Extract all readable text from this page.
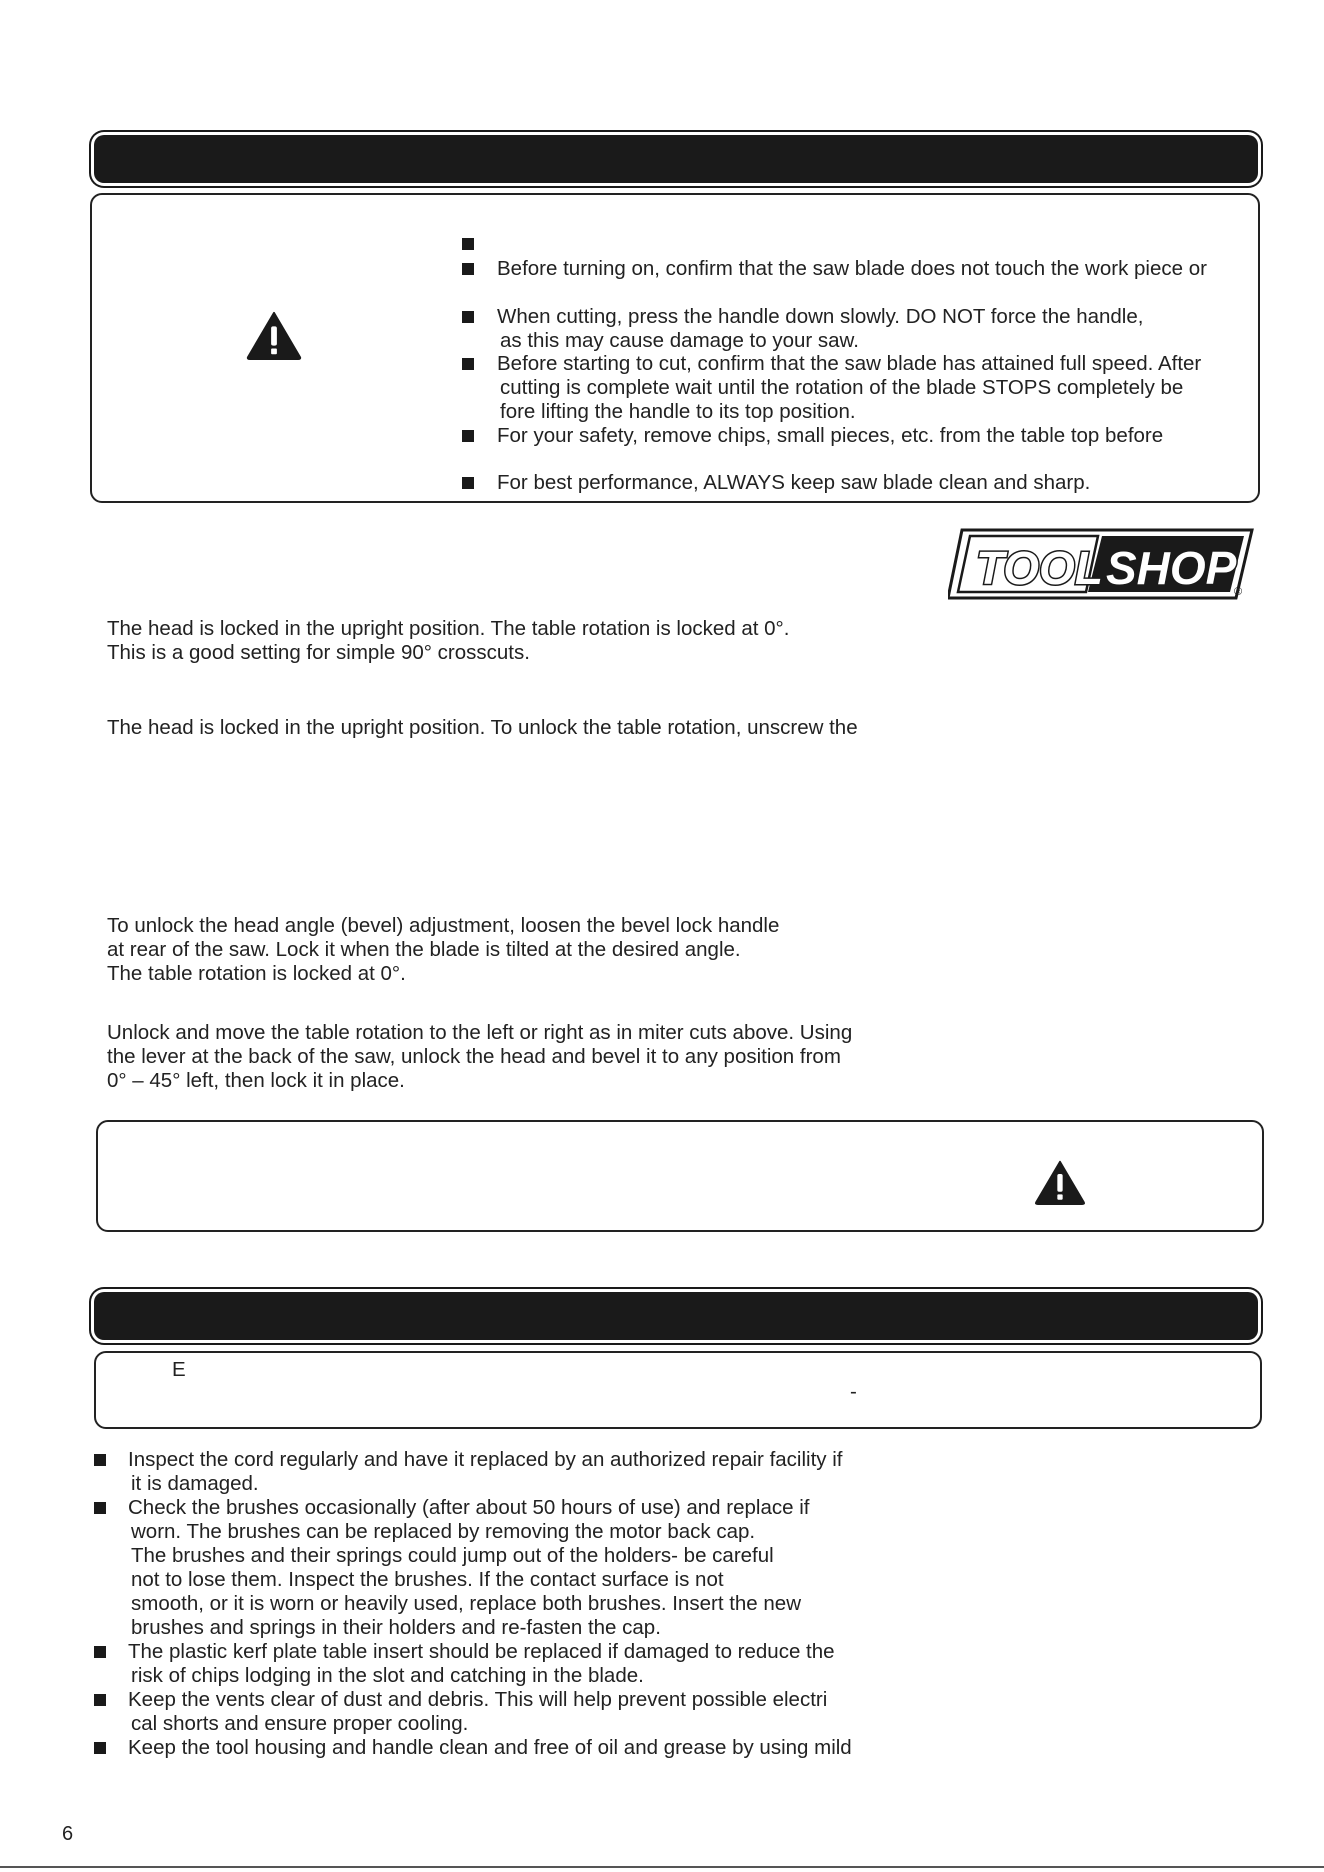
Before turning on, confirm that the saw blade does not touch the work piece or
When cutting, press the handle down slowly. DO NOT force the handle,
as this may cause damage to your saw.
Before starting to cut, confirm that the saw blade has attained full speed. After
cutting is complete wait until the rotation of the blade STOPS completely be
fore lifting the handle to its top position.
For your safety, remove chips, small pieces, etc. from the table top before
For best performance, ALWAYS keep saw blade clean and sharp.
TOOL SHOP
®
The head is locked in the upright position. The table rotation is locked at 0°.
This is a good setting for simple 90° crosscuts.
The head is locked in the upright position. To unlock the table rotation, unscrew the
To unlock the head angle (bevel) adjustment, loosen the bevel lock handle
at rear of the saw. Lock it when the blade is tilted at the desired angle.
The table rotation is locked at 0°.
Unlock and move the table rotation to the left or right as in miter cuts above. Using
the lever at the back of the saw, unlock the head and bevel it to any position from
0° – 45° left, then lock it in place.
E
-
Inspect the cord regularly and have it replaced by an authorized repair facility if
it is damaged.
Check the brushes occasionally (after about 50 hours of use) and replace if
worn. The brushes can be replaced by removing the motor back cap.
The brushes and their springs could jump out of the holders- be careful
not to lose them. Inspect the brushes. If the contact surface is not
smooth, or it is worn or heavily used, replace both brushes. Insert the new
brushes and springs in their holders and re-fasten the cap.
The plastic kerf plate table insert should be replaced if damaged to reduce the
risk of chips lodging in the slot and catching in the blade.
Keep the vents clear of dust and debris. This will help prevent possible electri
cal shorts and ensure proper cooling.
Keep the tool housing and handle clean and free of oil and grease by using mild
6
